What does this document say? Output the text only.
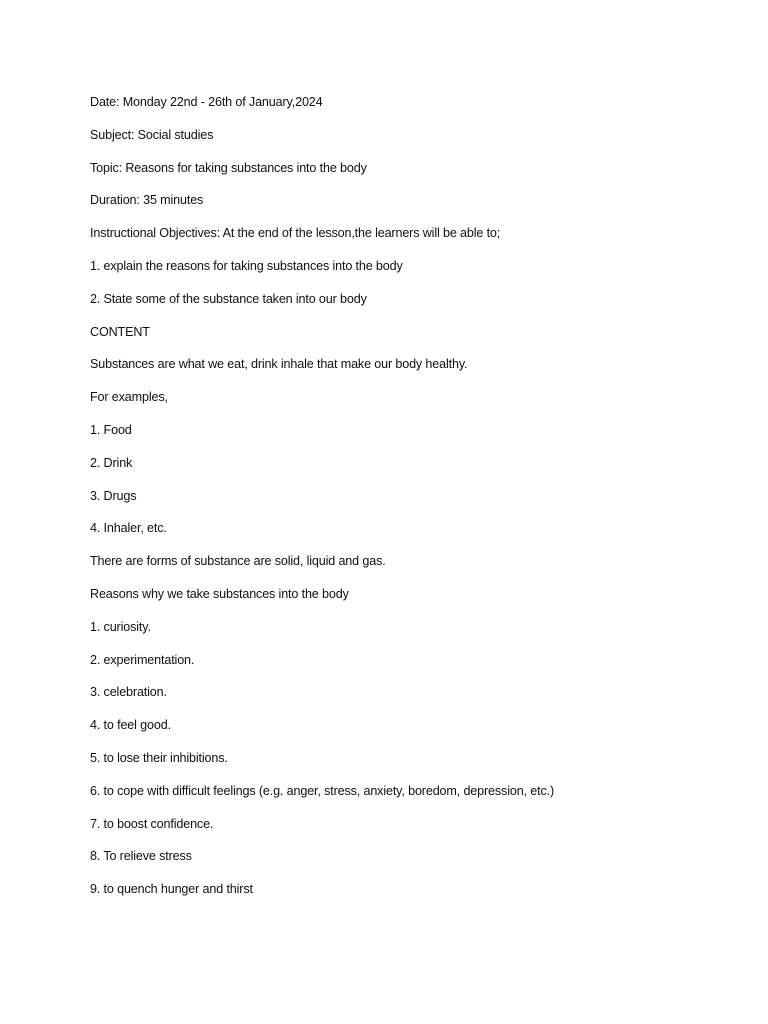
Date: Monday 22nd - 26th of January,2024
Subject: Social studies
Topic: Reasons for taking substances into the body
Duration: 35 minutes
Instructional Objectives: At the end of the lesson,the learners will be able to;
1. explain the reasons for taking substances into the body
2. State some of the substance taken into our body
CONTENT
Substances are what we eat, drink inhale that make our body healthy.
For examples,
1. Food
2. Drink
3. Drugs
4. Inhaler, etc.
There are forms of substance are solid, liquid and gas.
Reasons why we take substances into the body
1. curiosity.
2. experimentation.
3. celebration.
4. to feel good.
5. to lose their inhibitions.
6. to cope with difficult feelings (e.g. anger, stress, anxiety, boredom, depression, etc.)
7. to boost confidence.
8. To relieve stress
9. to quench hunger and thirst
